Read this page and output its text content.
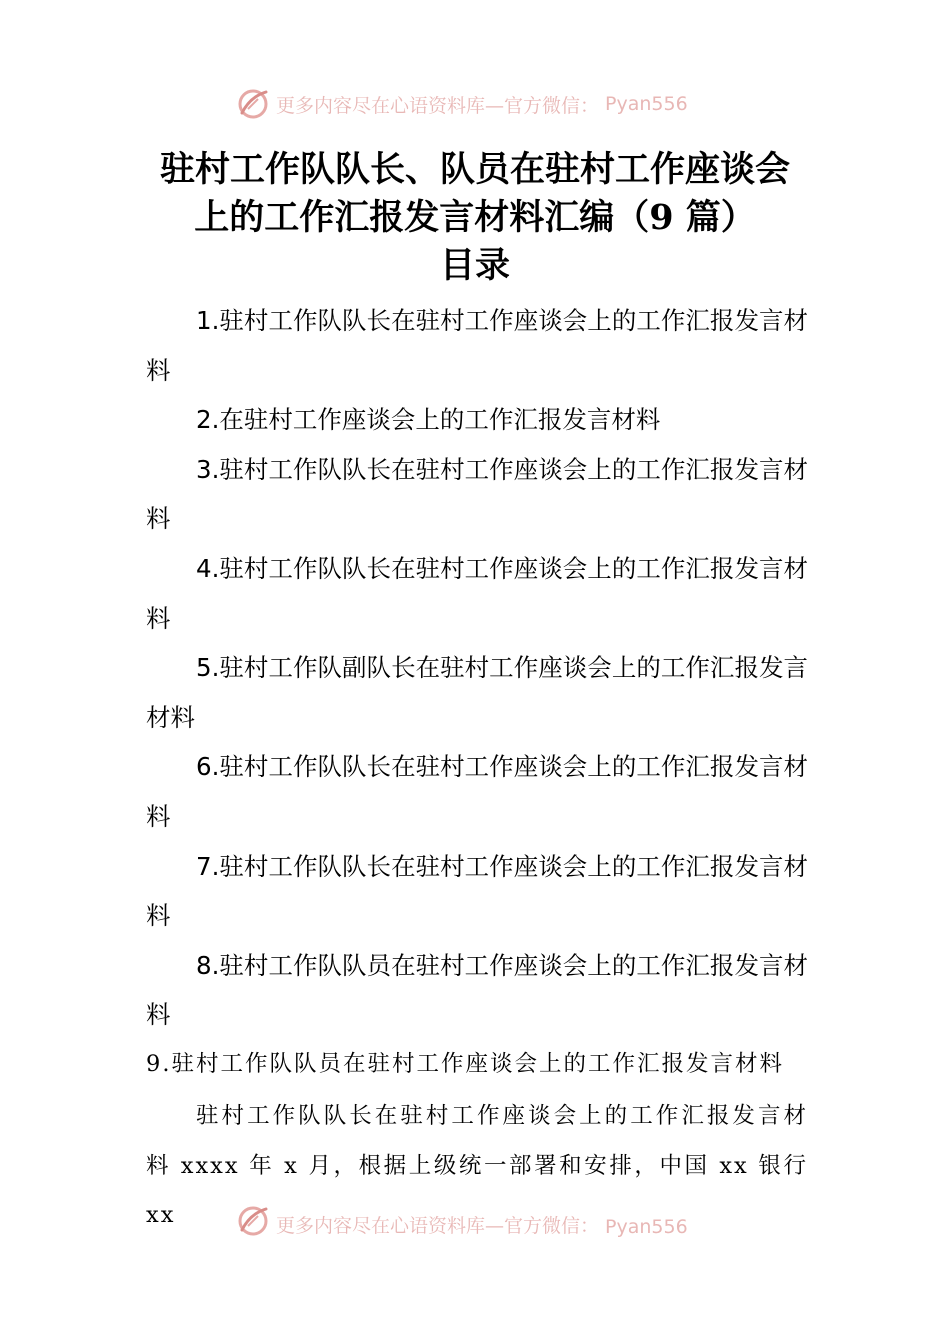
更多内容尽在心语资料库—官方微信： Pyan556
驻村工作队队长、队员在驻村工作座谈会
上的工作汇报发言材料汇编（9 篇）
目录
1.驻村工作队队长在驻村工作座谈会上的工作汇报发言材料
2.在驻村工作座谈会上的工作汇报发言材料
3.驻村工作队队长在驻村工作座谈会上的工作汇报发言材料
4.驻村工作队队长在驻村工作座谈会上的工作汇报发言材料
5.驻村工作队副队长在驻村工作座谈会上的工作汇报发言材料
6.驻村工作队队长在驻村工作座谈会上的工作汇报发言材料
7.驻村工作队队长在驻村工作座谈会上的工作汇报发言材料
8.驻村工作队队员在驻村工作座谈会上的工作汇报发言材料
9.驻村工作队队员在驻村工作座谈会上的工作汇报发言材料

驻村工作队队长在驻村工作座谈会上的工作汇报发言材料 xxxx 年 x 月，根据上级统一部署和安排，中国 xx 银行 xx	更多内容尽在心语资料库—官方微信： Pyan556
